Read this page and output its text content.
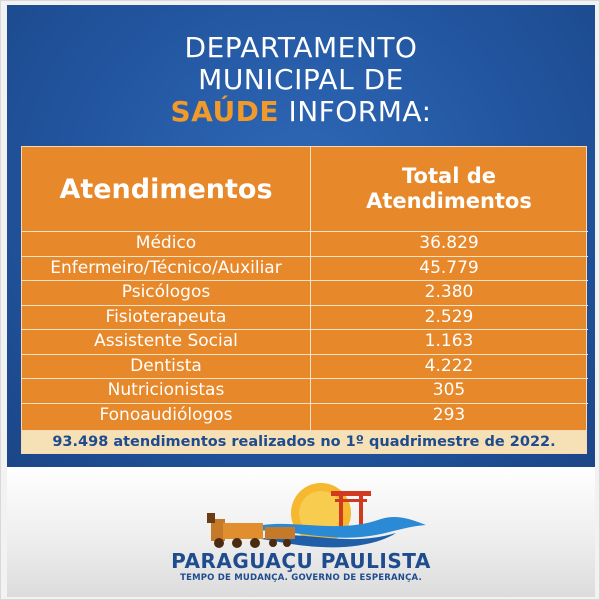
DEPARTAMENTO
MUNICIPAL DE
SAÚDE INFORMA:
Atendimentos	Total de
Atendimentos
Médico	36.829
Enfermeiro/Técnico/Auxiliar	45.779
Psicólogos	2.380
Fisioterapeuta	2.529
Assistente Social	1.163
Dentista	4.222
Nutricionistas	305
Fonoaudiólogos	293
93.498 atendimentos realizados no 1º quadrimestre de 2022.
PARAGUAÇU PAULISTA
TEMPO DE MUDANÇA. GOVERNO DE ESPERANÇA.
